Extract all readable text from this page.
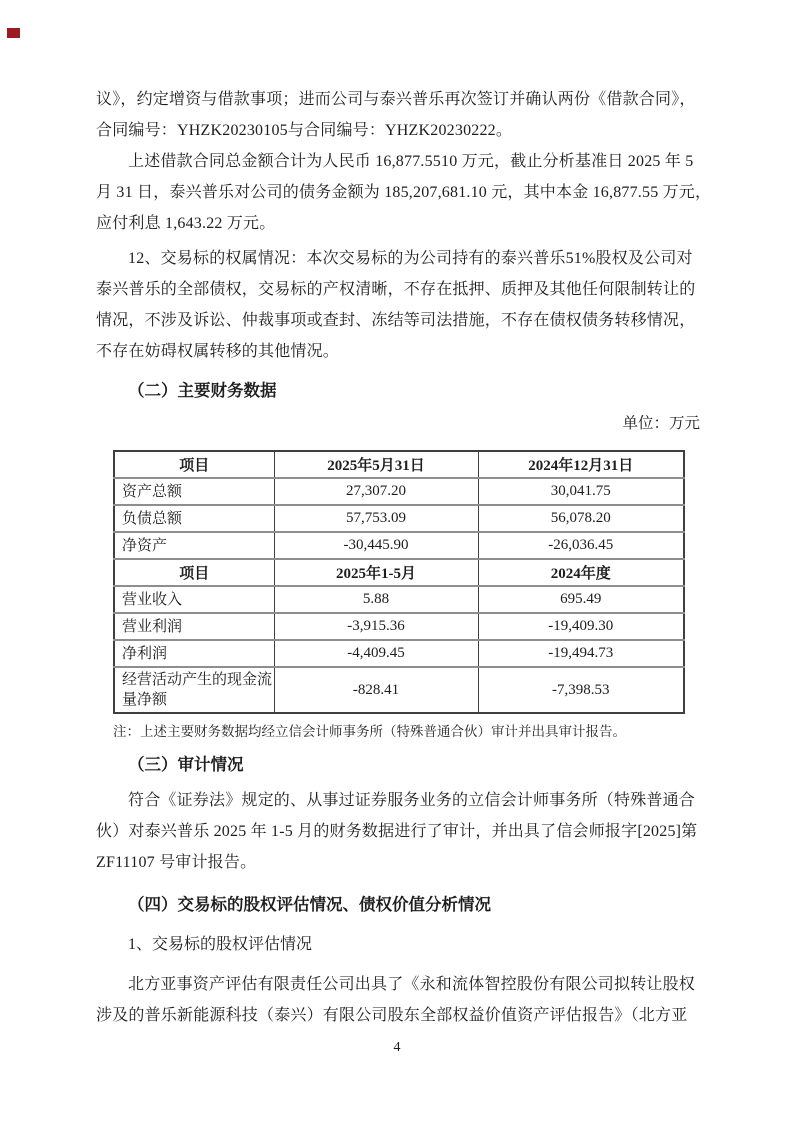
议》，约定增资与借款事项；进而公司与泰兴普乐再次签订并确认两份《借款合同》，
合同编号：YHZK20230105与合同编号：YHZK20230222。
上述借款合同总金额合计为人民币 16,877.5510 万元，截止分析基准日 2025 年 5
月 31 日，泰兴普乐对公司的债务金额为 185,207,681.10 元，其中本金 16,877.55 万元，
应付利息 1,643.22 万元。
12、交易标的权属情况：本次交易标的为公司持有的泰兴普乐51%股权及公司对
泰兴普乐的全部债权，交易标的产权清晰，不存在抵押、质押及其他任何限制转让的
情况，不涉及诉讼、仲裁事项或查封、冻结等司法措施，不存在债权债务转移情况，
不存在妨碍权属转移的其他情况。
（二）主要财务数据
单位：万元
项目	2025年5月31日	2024年12月31日
资产总额	27,307.20	30,041.75
负债总额	57,753.09	56,078.20
净资产	-30,445.90	-26,036.45
项目	2025年1-5月	2024年度
营业收入	5.88	695.49
营业利润	-3,915.36	-19,409.30
净利润	-4,409.45	-19,494.73
经营活动产生的现金流量净额	-828.41	-7,398.53
注：上述主要财务数据均经立信会计师事务所（特殊普通合伙）审计并出具审计报告。
（三）审计情况
符合《证券法》规定的、从事过证券服务业务的立信会计师事务所（特殊普通合
伙）对泰兴普乐 2025 年 1-5 月的财务数据进行了审计，并出具了信会师报字[2025]第
ZF11107 号审计报告。
（四）交易标的股权评估情况、债权价值分析情况
1、交易标的股权评估情况
北方亚事资产评估有限责任公司出具了《永和流体智控股份有限公司拟转让股权
涉及的普乐新能源科技（泰兴）有限公司股东全部权益价值资产评估报告》（北方亚
4
